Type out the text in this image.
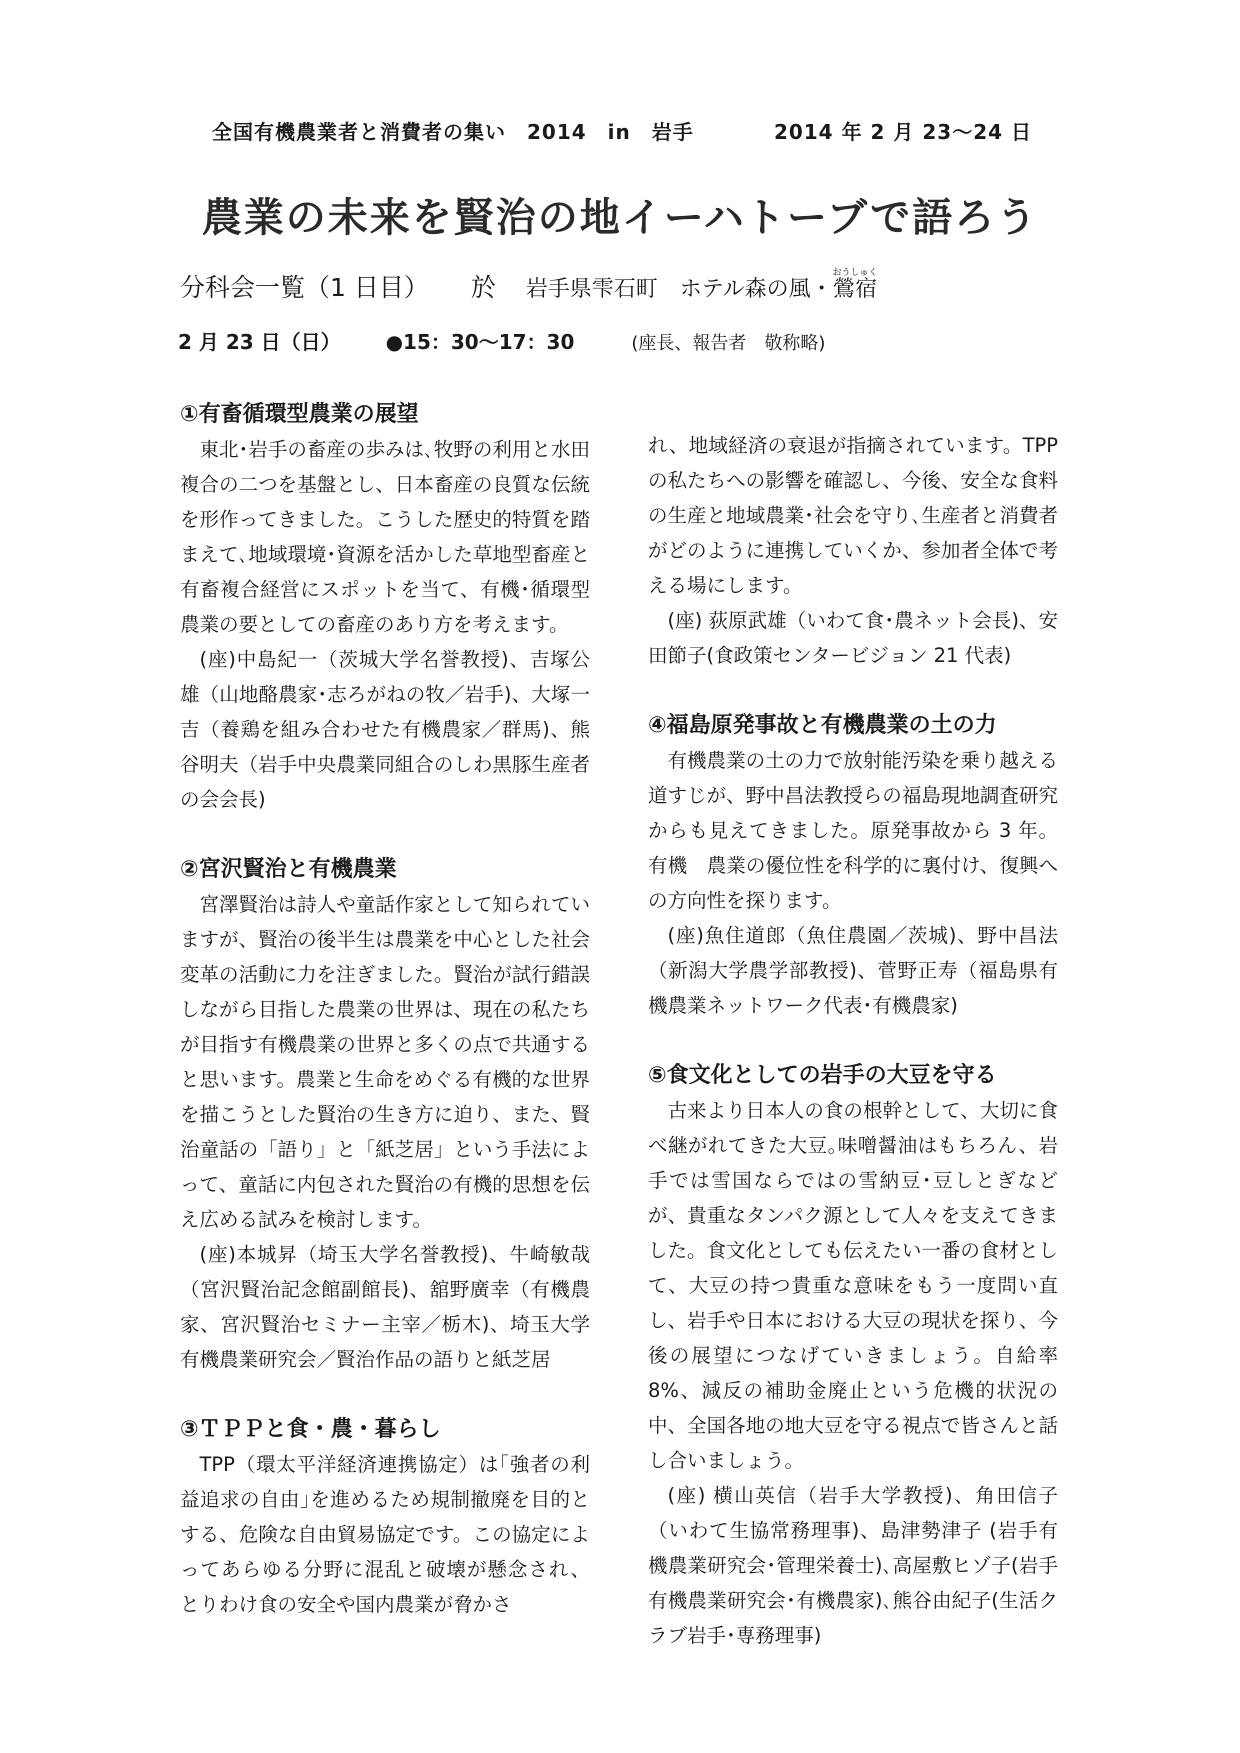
全国有機農業者と消費者の集い　2014　in　岩手	2014 年 2 月 23～24 日
農業の未来を賢治の地イーハトーブで語ろう
分科会一覧（1 日目） 於 岩手県雫石町　ホテル森の風・鶯宿おうしゅく
2 月 23 日（日） ●15：30～17：30	(座長、報告者　敬称略)
①有畜循環型農業の展望

東北･岩手の畜産の歩みは､牧野の利用と水田複合の二つを基盤とし、日本畜産の良質な伝統を形作ってきました。こうした歴史的特質を踏まえて､地域環境･資源を活かした草地型畜産と有畜複合経営にスポットを当て、有機･循環型農業の要としての畜産のあり方を考えます。

(座)中島紀一（茨城大学名誉教授)、吉塚公雄（山地酪農家･志ろがねの牧／岩手)、大塚一吉（養鶏を組み合わせた有機農家／群馬)、熊谷明夫（岩手中央農業同組合のしわ黒豚生産者の会会長)

②宮沢賢治と有機農業

宮澤賢治は詩人や童話作家として知られていますが、賢治の後半生は農業を中心とした社会変革の活動に力を注ぎました。賢治が試行錯誤しながら目指した農業の世界は、現在の私たちが目指す有機農業の世界と多くの点で共通すると思います。農業と生命をめぐる有機的な世界を描こうとした賢治の生き方に迫り、また、賢治童話の「語り」と「紙芝居」という手法によって、童話に内包された賢治の有機的思想を伝え広める試みを検討します。

(座)本城昇（埼玉大学名誉教授)、牛崎敏哉（宮沢賢治記念館副館長)、舘野廣幸（有機農家、宮沢賢治セミナー主宰／栃木)、埼玉大学有機農業研究会／賢治作品の語りと紙芝居

③ＴＰＰと食・農・暮らし

TPP（環太平洋経済連携協定）は｢強者の利益追求の自由｣を進めるため規制撤廃を目的とする、危険な自由貿易協定です。この協定によってあらゆる分野に混乱と破壊が懸念され、とりわけ食の安全や国内農業が脅かさ

れ、地域経済の衰退が指摘されています。TPP の私たちへの影響を確認し、今後、安全な食料の生産と地域農業･社会を守り､生産者と消費者がどのように連携していくか、参加者全体で考える場にします。

(座) 荻原武雄（いわて食･農ネット会長)、安田節子(食政策センタービジョン 21 代表)

④福島原発事故と有機農業の土の力

有機農業の土の力で放射能汚染を乗り越える道すじが、野中昌法教授らの福島現地調査研究からも見えてきました。原発事故から 3 年。有機　農業の優位性を科学的に裏付け、復興への方向性を探ります。

(座)魚住道郎（魚住農園／茨城)、野中昌法（新潟大学農学部教授)、菅野正寿（福島県有機農業ネットワーク代表･有機農家)

⑤食文化としての岩手の大豆を守る

古来より日本人の食の根幹として、大切に食べ継がれてきた大豆｡味噌醤油はもちろん、岩手では雪国ならではの雪納豆･豆しとぎなどが、貴重なタンパク源として人々を支えてきました。食文化としても伝えたい一番の食材として、大豆の持つ貴重な意味をもう一度問い直し、岩手や日本における大豆の現状を探り、今後の展望につなげていきましょう。自給率 8%、減反の補助金廃止という危機的状況の中、全国各地の地大豆を守る視点で皆さんと話し合いましょう。

(座) 横山英信（岩手大学教授)、角田信子（いわて生協常務理事)、島津勢津子 (岩手有機農業研究会･管理栄養士)､高屋敷ヒゾ子(岩手有機農業研究会･有機農家)､熊谷由紀子(生活クラブ岩手･専務理事)
